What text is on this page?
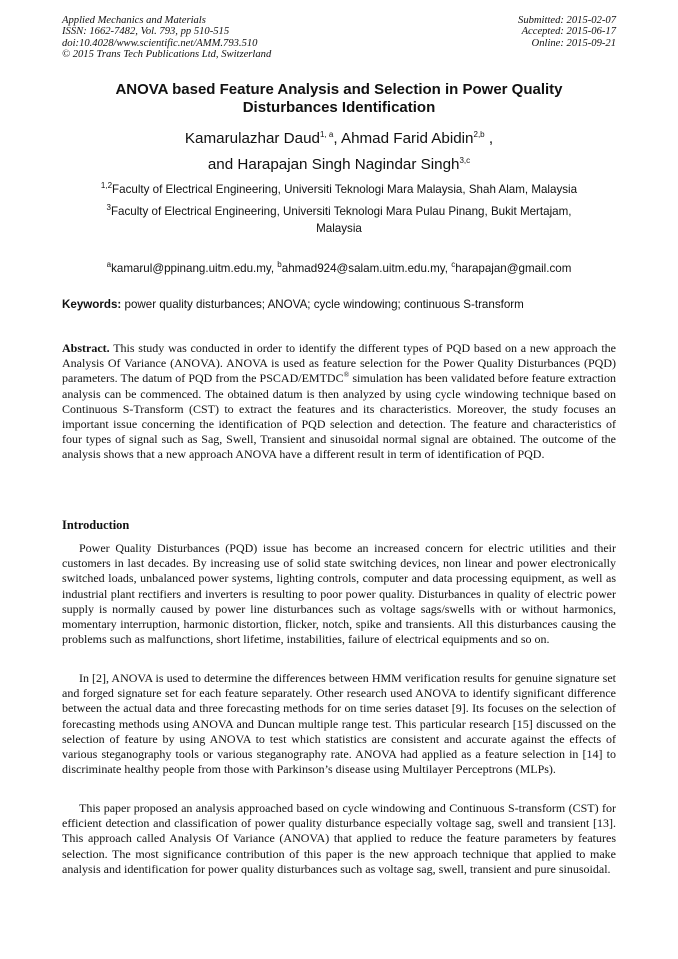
Applied Mechanics and Materials
ISSN: 1662-7482, Vol. 793, pp 510-515
doi:10.4028/www.scientific.net/AMM.793.510
© 2015 Trans Tech Publications Ltd, Switzerland
Submitted: 2015-02-07
Accepted: 2015-06-17
Online: 2015-09-21
ANOVA based Feature Analysis and Selection in Power Quality
Disturbances Identification
Kamarulazhar Daud$^{1, a}$, Ahmad Farid Abidin$^{2,b}$ ,
and Harapajan Singh Nagindar Singh$^{3,c}$
$^{1,2}$Faculty of Electrical Engineering, Universiti Teknologi Mara Malaysia, Shah Alam, Malaysia
$^3$Faculty of Electrical Engineering, Universiti Teknologi Mara Pulau Pinang, Bukit Mertajam,
Malaysia
$^a$kamarul@ppinang.uitm.edu.my, $^b$ahmad924@salam.uitm.edu.my, $^c$harapajan@gmail.com
Keywords: power quality disturbances; ANOVA; cycle windowing; continuous S-transform
Abstract. This study was conducted in order to identify the different types of PQD based on a new approach the Analysis Of Variance (ANOVA). ANOVA is used as feature selection for the Power Quality Disturbances (PQD) parameters. The datum of PQD from the PSCAD/EMTDC® simulation has been validated before feature extraction analysis can be commenced. The obtained datum is then analyzed by using cycle windowing technique based on Continuous S-Transform (CST) to extract the features and its characteristics. Moreover, the study focuses an important issue concerning the identification of PQD selection and detection. The feature and characteristics of four types of signal such as Sag, Swell, Transient and sinusoidal normal signal are obtained. The outcome of the analysis shows that a new approach ANOVA have a different result in term of identification of PQD.
Introduction

Power Quality Disturbances (PQD) issue has become an increased concern for electric utilities and their customers in last decades. By increasing use of solid state switching devices, non linear and power electronically switched loads, unbalanced power systems, lighting controls, computer and data processing equipment, as well as industrial plant rectifiers and inverters is resulting to poor power quality. Disturbances in quality of electric power supply is normally caused by power line disturbances such as voltage sags/swells with or without harmonics, momentary interruption, harmonic distortion, flicker, notch, spike and transients. All this disturbances causing the problems such as malfunctions, short lifetime, instabilities, failure of electrical equipments and so on.

In [2], ANOVA is used to determine the differences between HMM verification results for genuine signature set and forged signature set for each feature separately. Other research used ANOVA to identify significant difference between the actual data and three forecasting methods for on time series dataset [9]. Its focuses on the selection of forecasting methods using ANOVA and Duncan multiple range test. This particular research [15] discussed on the selection of feature by using ANOVA to test which statistics are consistent and accurate against the effects of various steganography tools or various steganography rate. ANOVA had applied as a feature selection in [14] to discriminate healthy people from those with Parkinson’s disease using Multilayer Perceptrons (MLPs).

This paper proposed an analysis approached based on cycle windowing and Continuous S-transform (CST) for efficient detection and classification of power quality disturbance especially voltage sag, swell and transient [13]. This approach called Analysis Of Variance (ANOVA) that applied to reduce the feature parameters by features selection. The most significance contribution of this paper is the new approach technique that applied to make analysis and identification for power quality disturbances such as voltage sag, swell, transient and pure sinusoidal.
